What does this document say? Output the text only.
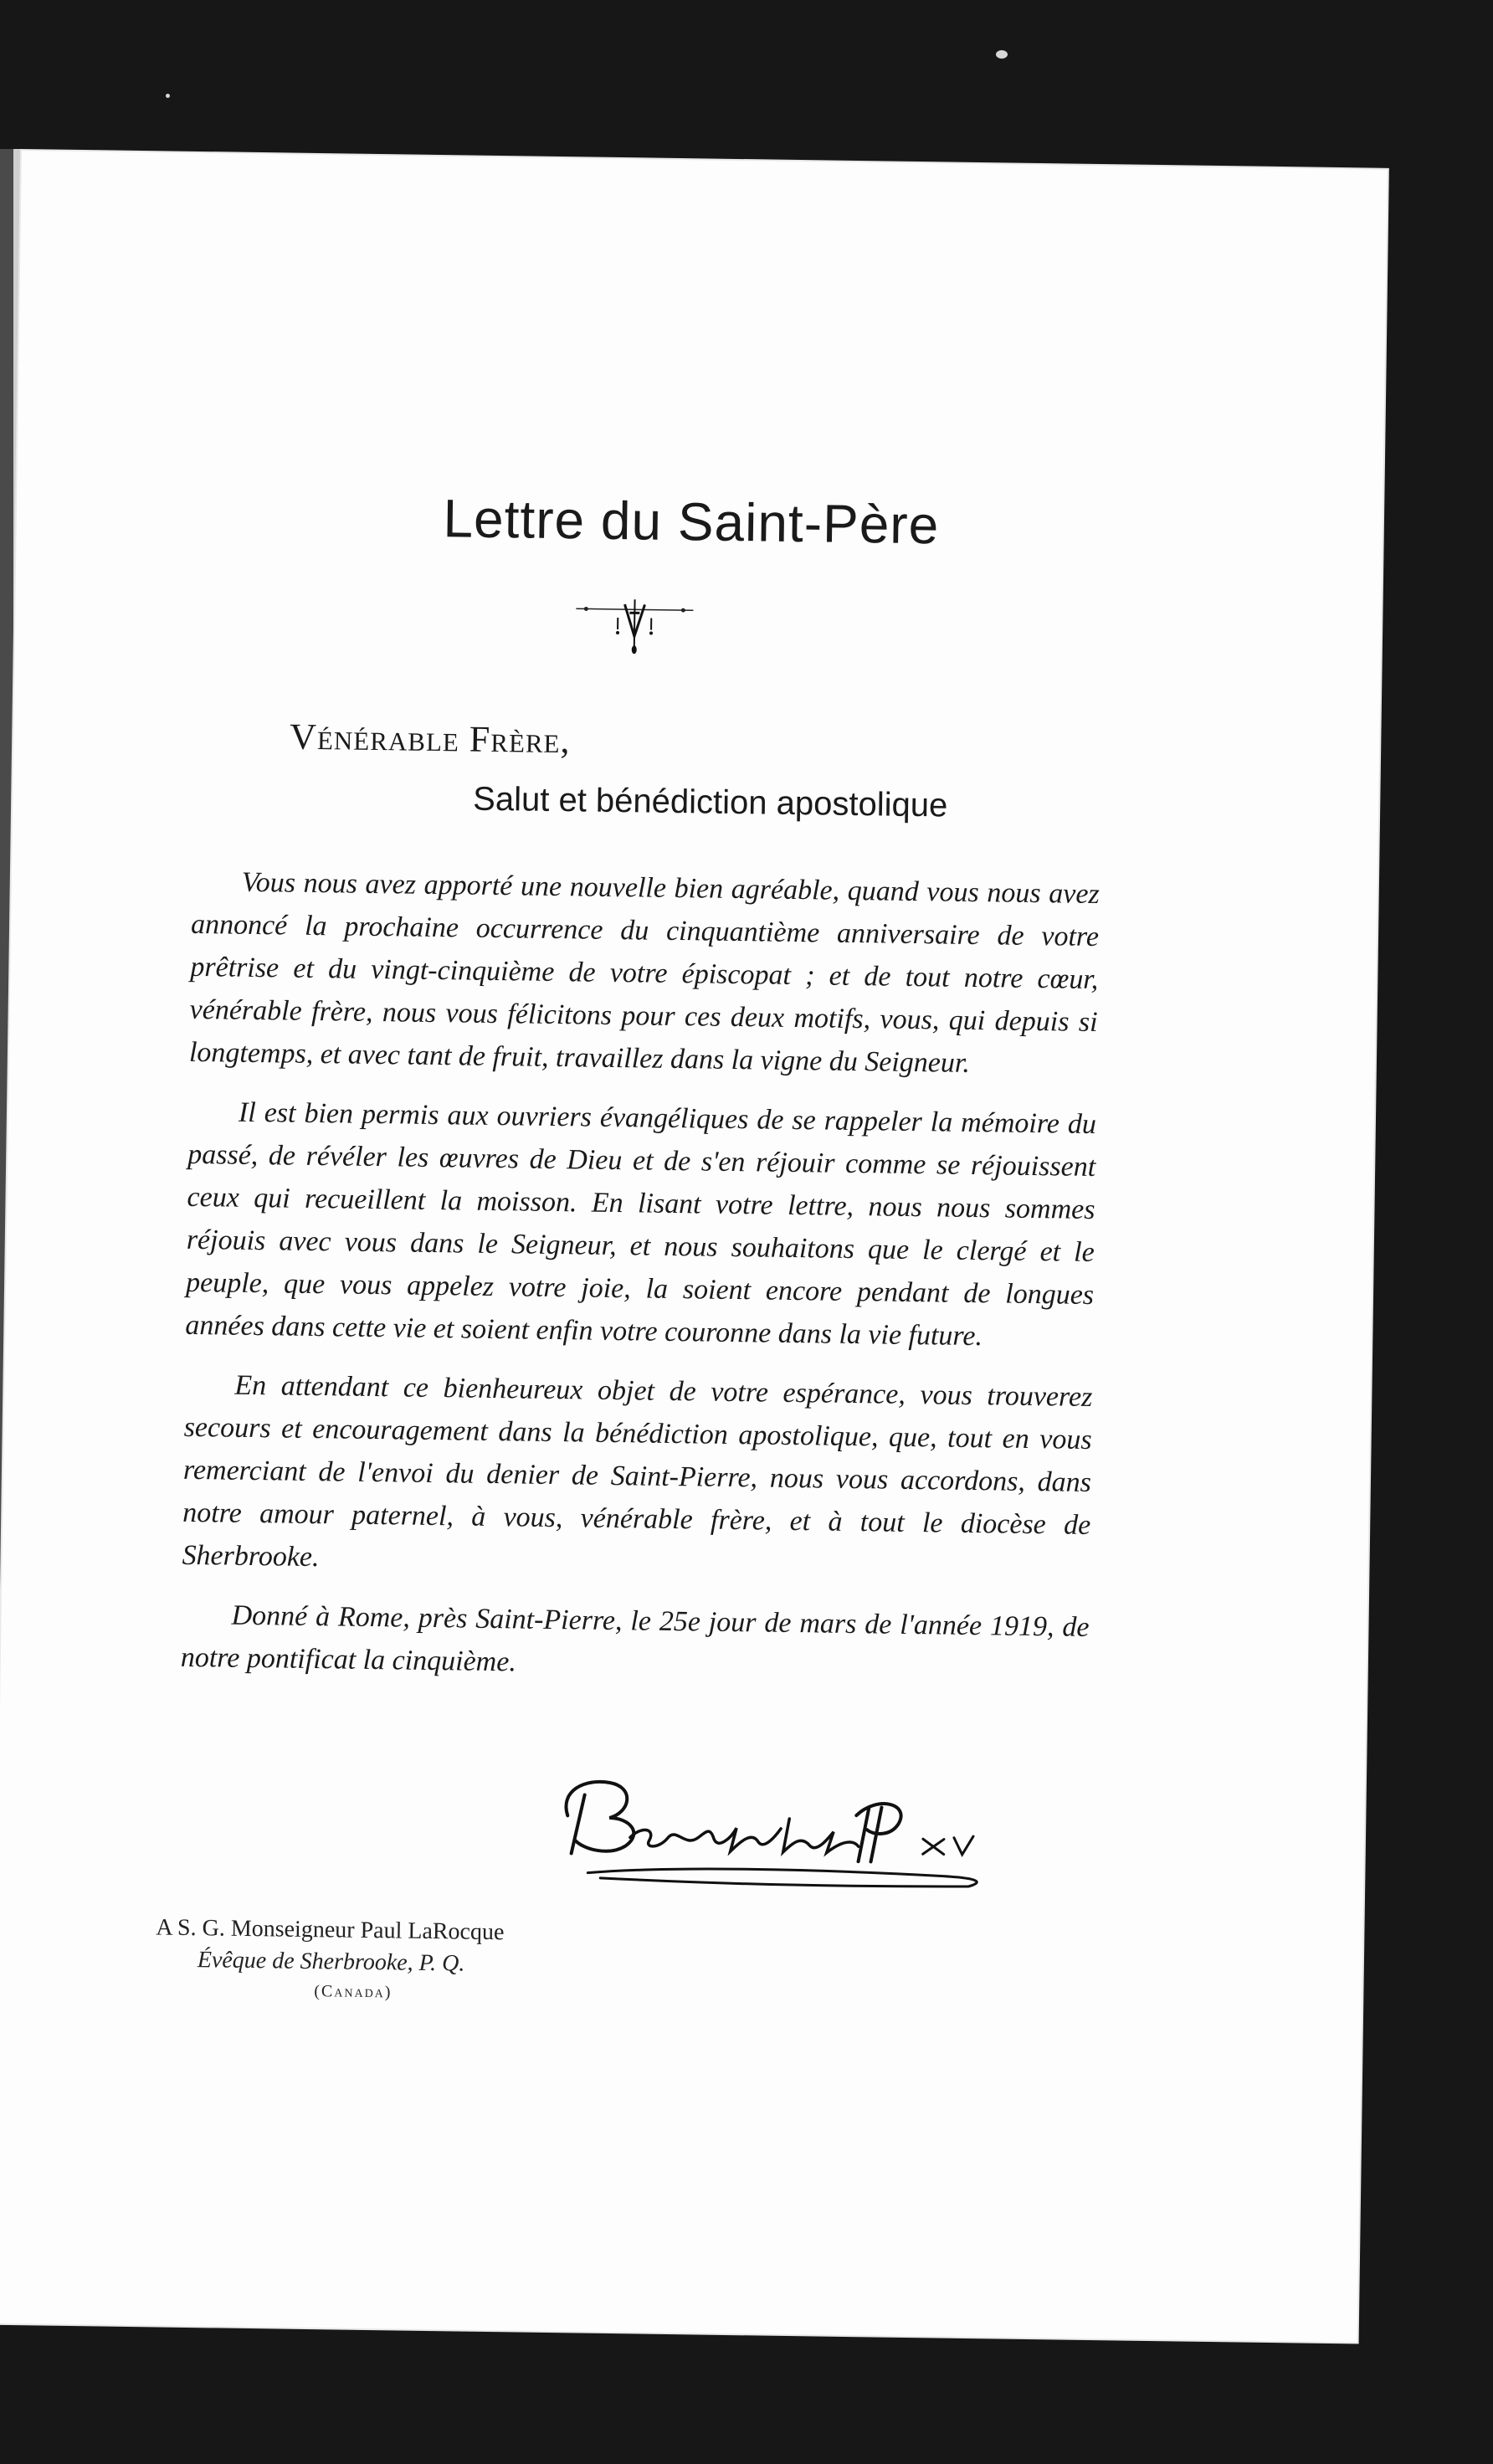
Lettre du Saint-Père
Vénérable Frère,
Salut et bénédiction apostolique

Vous nous avez apporté une nouvelle bien agréable, quand vous nous avez annoncé la prochaine occurrence du cinquantième anniversaire de votre prêtrise et du vingt-cinquième de votre épiscopat ; et de tout notre cœur, vénérable frère, nous vous félicitons pour ces deux motifs, vous, qui depuis si longtemps, et avec tant de fruit, travaillez dans la vigne du Seigneur.

Il est bien permis aux ouvriers évangéliques de se rappeler la mémoire du passé, de révéler les œuvres de Dieu et de s'en réjouir comme se réjouissent ceux qui recueillent la moisson. En lisant votre lettre, nous nous sommes réjouis avec vous dans le Seigneur, et nous souhaitons que le clergé et le peuple, que vous appelez votre joie, la soient encore pendant de longues années dans cette vie et soient enfin votre couronne dans la vie future.

En attendant ce bienheureux objet de votre espérance, vous trouverez secours et encouragement dans la bénédiction apostolique, que, tout en vous remerciant de l'envoi du denier de Saint-Pierre, nous vous accordons, dans notre amour paternel, à vous, vénérable frère, et à tout le diocèse de Sherbrooke.

Donné à Rome, près Saint-Pierre, le 25e jour de mars de l'année 1919, de notre pontificat la cinquième.

A S. G. Monseigneur Paul LaRocque
Évêque de Sherbrooke, P. Q.
(Canada)
